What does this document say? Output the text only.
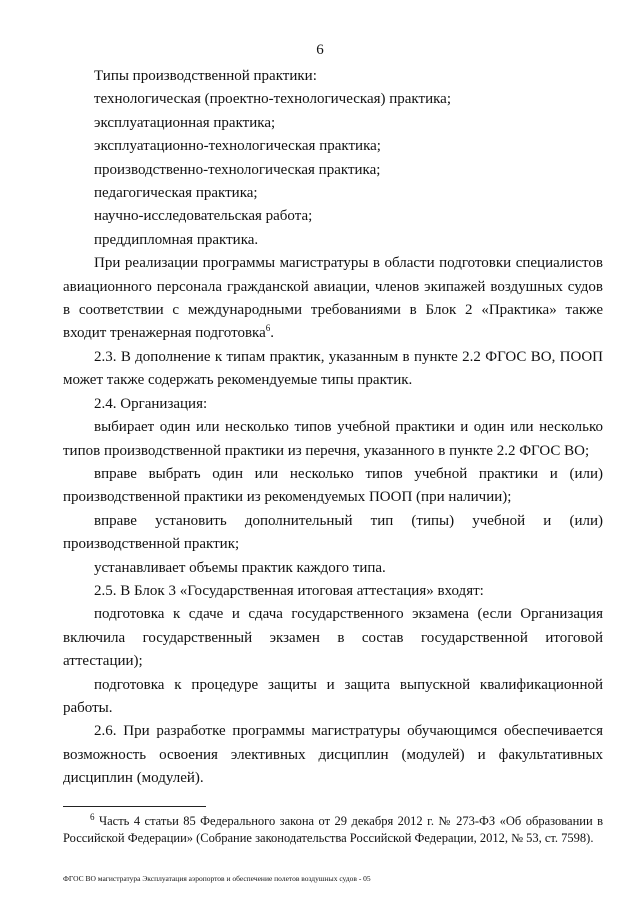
6

Типы производственной практики:

технологическая (проектно-технологическая) практика;

эксплуатационная практика;

эксплуатационно-технологическая практика;

производственно-технологическая практика;

педагогическая практика;

научно-исследовательская работа;

преддипломная практика.

При реализации программы магистратуры в области подготовки специалистов авиационного персонала гражданской авиации, членов экипажей воздушных судов в соответствии с международными требованиями в Блок 2 «Практика» также входит тренажерная подготовка$^6$.

2.3. В дополнение к типам практик, указанным в пункте 2.2 ФГОС ВО, ПООП может также содержать рекомендуемые типы практик.

2.4. Организация:

выбирает один или несколько типов учебной практики и один или несколько типов производственной практики из перечня, указанного в пункте 2.2 ФГОС ВО;

вправе выбрать один или несколько типов учебной практики и (или) производственной практики из рекомендуемых ПООП (при наличии);

вправе установить дополнительный тип (типы) учебной и (или) производственной практик;

устанавливает объемы практик каждого типа.

2.5. В Блок 3 «Государственная итоговая аттестация» входят:

подготовка к сдаче и сдача государственного экзамена (если Организация включила государственный экзамен в состав государственной итоговой аттестации);

подготовка к процедуре защиты и защита выпускной квалификационной работы.

2.6. При разработке программы магистратуры обучающимся обеспечивается возможность освоения элективных дисциплин (модулей) и факультативных дисциплин (модулей).

$^6$ Часть 4 статьи 85 Федерального закона от 29 декабря 2012 г. № 273-ФЗ «Об образовании в Российской Федерации» (Собрание законодательства Российской Федерации, 2012, № 53, ст. 7598).
ФГОС ВО магистратура Эксплуатация аэропортов и обеспечение полетов воздушных судов - 05
